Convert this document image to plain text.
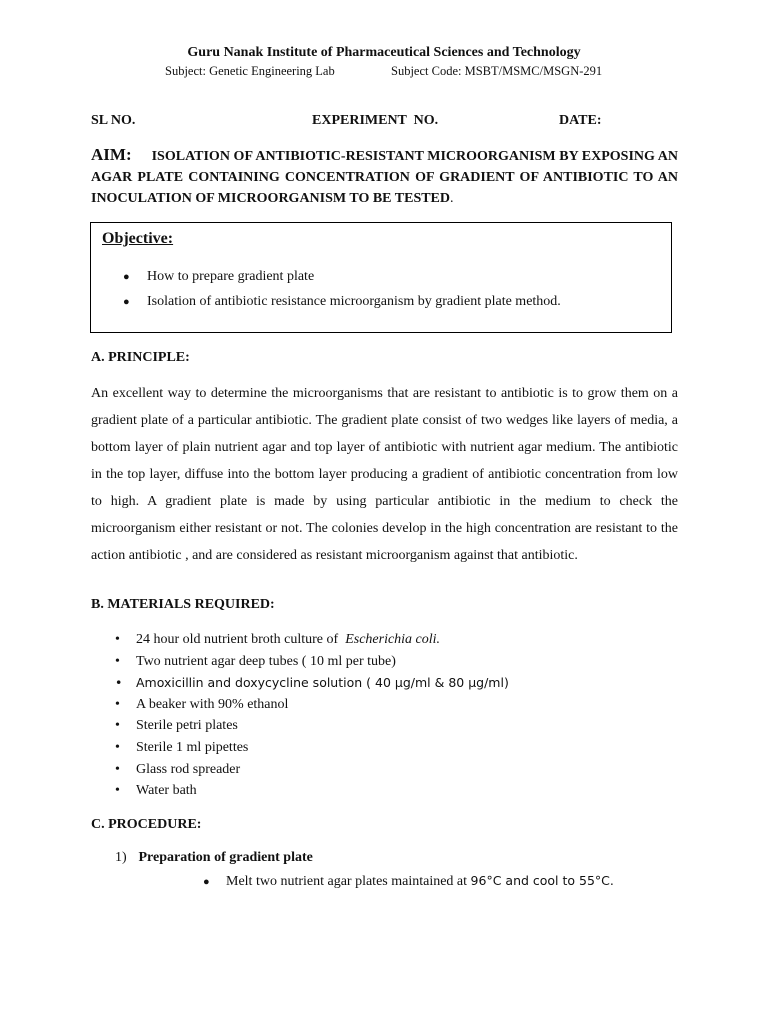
Guru Nanak Institute of Pharmaceutical Sciences and Technology
Subject: Genetic Engineering Lab	Subject Code: MSBT/MSMC/MSGN-291
SL NO.	EXPERIMENT  NO.	DATE:
AIM: ISOLATION OF ANTIBIOTIC-RESISTANT MICROORGANISM BY EXPOSING AN AGAR PLATE CONTAINING CONCENTRATION OF GRADIENT OF ANTIBIOTIC TO AN INOCULATION OF MICROORGANISM TO BE TESTED.
Objective:
● How to prepare gradient plate
● Isolation of antibiotic resistance microorganism by gradient plate method.
A. PRINCIPLE:
An excellent way to determine the microorganisms that are resistant to antibiotic is to grow them on a gradient plate of a particular antibiotic. The gradient plate consist of two wedges like layers of media, a bottom layer of plain nutrient agar and top layer of antibiotic with nutrient agar medium. The antibiotic in the top layer, diffuse into the bottom layer producing a gradient of antibiotic concentration from low to high. A gradient plate is made by using particular antibiotic in the medium to check the microorganism either resistant or not. The colonies develop in the high concentration are resistant to the action antibiotic , and are considered as resistant microorganism against that antibiotic.
B. MATERIALS REQUIRED:
• 24 hour old nutrient broth culture of Escherichia coli.
• Two nutrient agar deep tubes ( 10 ml per tube)
• Amoxicillin and doxycycline solution ( 40 µg/ml & 80 µg/ml)
• A beaker with 90% ethanol
• Sterile petri plates
• Sterile 1 ml pipettes
• Glass rod spreader
• Water bath
C. PROCEDURE:
1) Preparation of gradient plate
● Melt two nutrient agar plates maintained at 96°C and cool to 55°C.
